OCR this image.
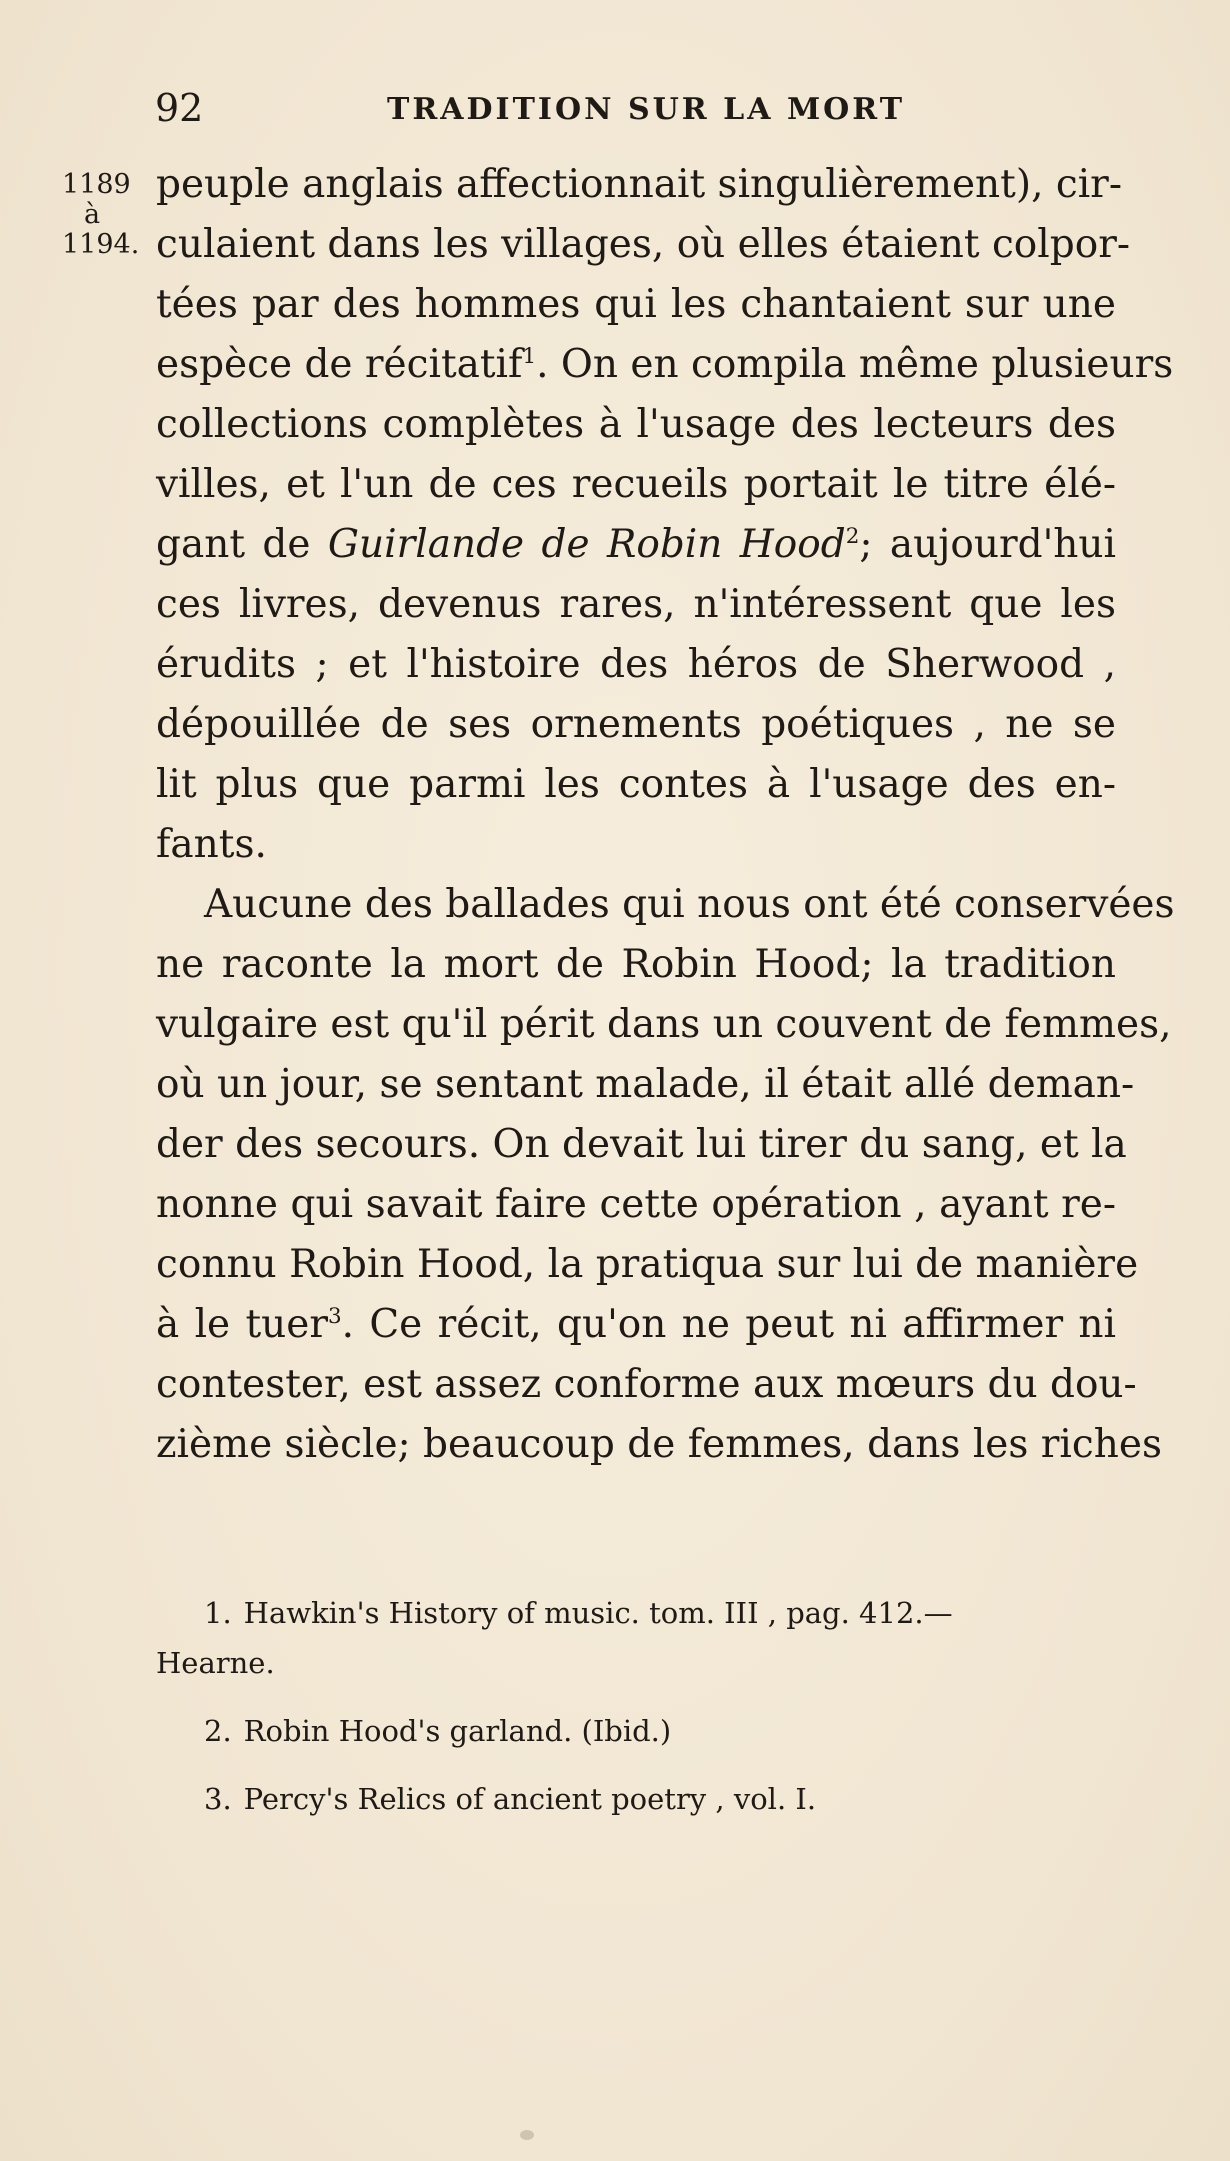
92	TRADITION SUR LA MORT
1189
à
1194.
peuple anglais affectionnait singulièrement), cir-
culaient dans les villages, où elles étaient colpor-
tées par des hommes qui les chantaient sur une
espèce de récitatif$^1$. On en compila même plusieurs
collections complètes à l'usage des lecteurs des
villes, et l'un de ces recueils portait le titre élé-
gant de Guirlande de Robin Hood$^2$; aujourd'hui
ces livres, devenus rares, n'intéressent que les
érudits ; et l'histoire des héros de Sherwood ,
dépouillée de ses ornements poétiques , ne se
lit plus que parmi les contes à l'usage des en-
fants.
Aucune des ballades qui nous ont été conservées
ne raconte la mort de Robin Hood; la tradition
vulgaire est qu'il périt dans un couvent de femmes,
où un jour, se sentant malade, il était allé deman-
der des secours. On devait lui tirer du sang, et la
nonne qui savait faire cette opération , ayant re-
connu Robin Hood, la pratiqua sur lui de manière
à le tuer$^3$. Ce récit, qu'on ne peut ni affirmer ni
contester, est assez conforme aux mœurs du dou-
zième siècle; beaucoup de femmes, dans les riches
1. Hawkin's History of music. tom. III , pag. 412.—
Hearne.
2. Robin Hood's garland. (Ibid.)
3. Percy's Relics of ancient poetry , vol. I.
